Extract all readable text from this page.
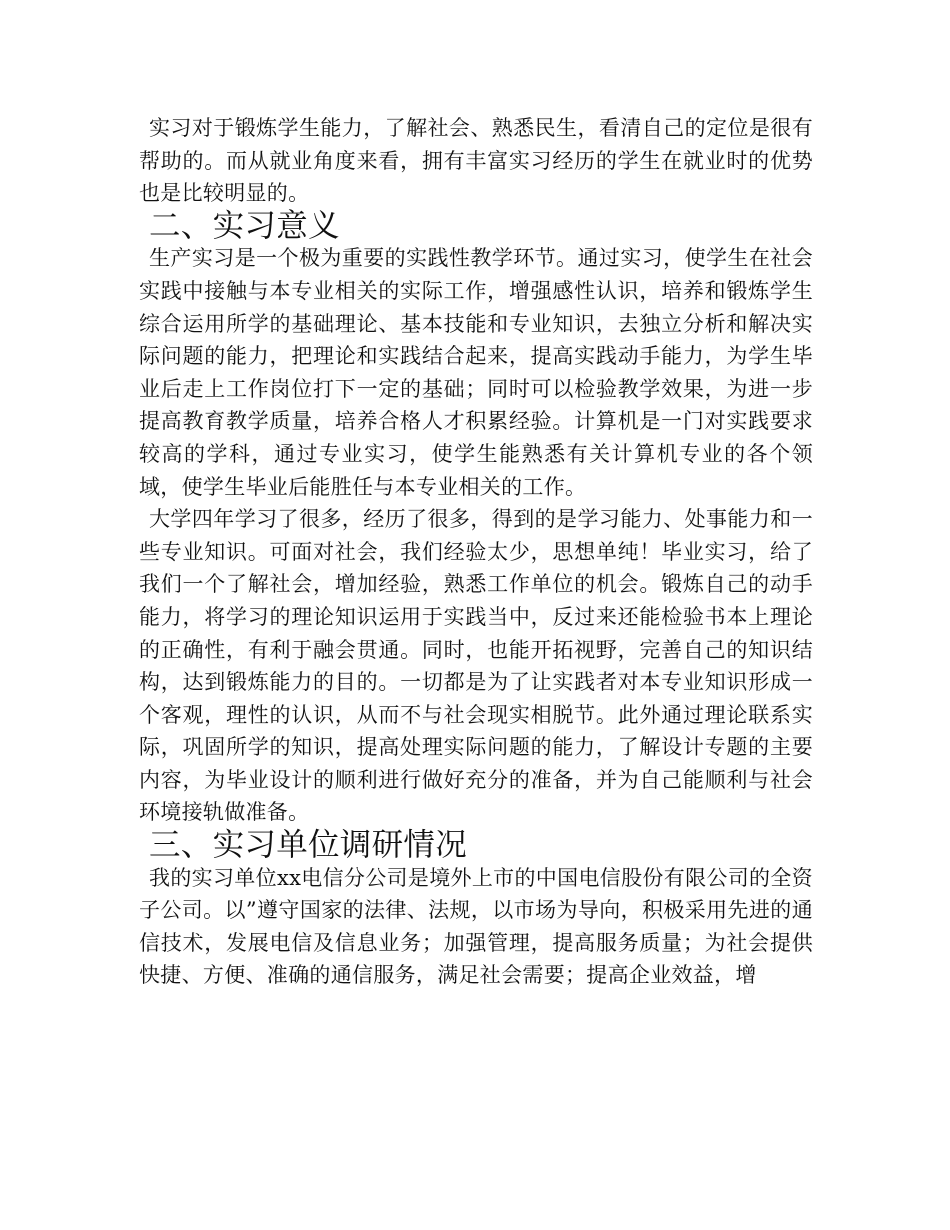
实习对于锻炼学生能力，了解社会、熟悉民生，看清自己的定位是很有帮助的。而从就业角度来看，拥有丰富实习经历的学生在就业时的优势也是比较明显的。

二、实习意义

生产实习是一个极为重要的实践性教学环节。通过实习，使学生在社会实践中接触与本专业相关的实际工作，增强感性认识，培养和锻炼学生综合运用所学的基础理论、基本技能和专业知识，去独立分析和解决实际问题的能力，把理论和实践结合起来，提高实践动手能力，为学生毕业后走上工作岗位打下一定的基础；同时可以检验教学效果，为进一步提高教育教学质量，培养合格人才积累经验。计算机是一门对实践要求较高的学科，通过专业实习，使学生能熟悉有关计算机专业的各个领域，使学生毕业后能胜任与本专业相关的工作。

大学四年学习了很多，经历了很多，得到的是学习能力、处事能力和一些专业知识。可面对社会，我们经验太少，思想单纯！毕业实习，给了我们一个了解社会，增加经验，熟悉工作单位的机会。锻炼自己的动手能力，将学习的理论知识运用于实践当中，反过来还能检验书本上理论的正确性，有利于融会贯通。同时，也能开拓视野，完善自己的知识结构，达到锻炼能力的目的。一切都是为了让实践者对本专业知识形成一个客观，理性的认识，从而不与社会现实相脱节。此外通过理论联系实际，巩固所学的知识，提高处理实际问题的能力，了解设计专题的主要内容，为毕业设计的顺利进行做好充分的准备，并为自己能顺利与社会环境接轨做准备。

三、实习单位调研情况

我的实习单位xx电信分公司是境外上市的中国电信股份有限公司的全资子公司。以”遵守国家的法律、法规，以市场为导向，积极采用先进的通信技术，发展电信及信息业务；加强管理，提高服务质量；为社会提供快捷、方便、准确的通信服务，满足社会需要；提高企业效益，增
